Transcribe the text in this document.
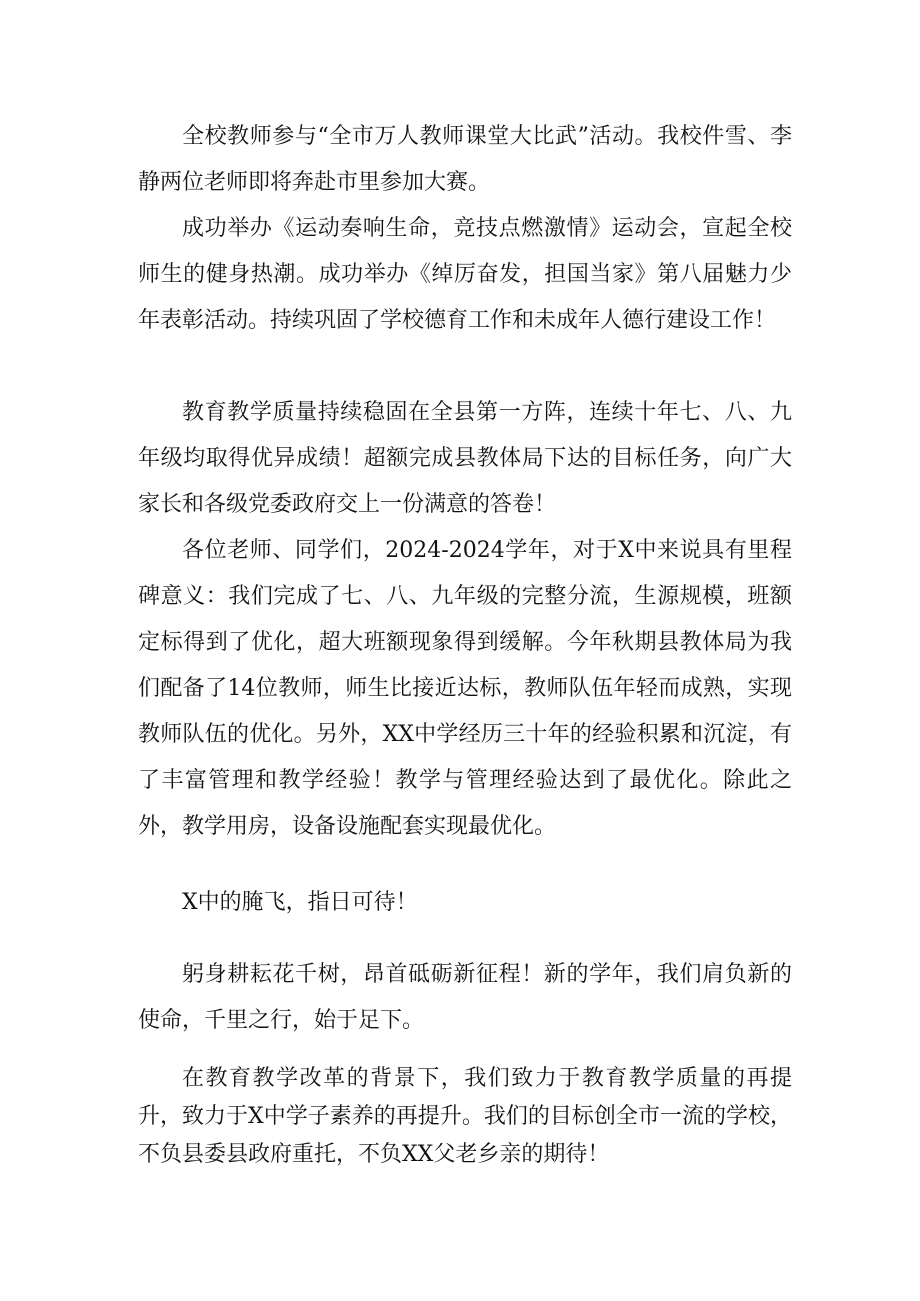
全校教师参与“全市万人教师课堂大比武”活动。我校件雪、李静两位老师即将奔赴市里参加大赛。

成功举办《运动奏响生命，竞技点燃激情》运动会，宣起全校师生的健身热潮。成功举办《绰厉奋发，担国当家》第八届魅力少年表彰活动。持续巩固了学校德育工作和未成年人德行建设工作！

教育教学质量持续稳固在全县第一方阵，连续十年七、八、九年级均取得优异成绩！超额完成县教体局下达的目标任务，向广大家长和各级党委政府交上一份满意的答卷！

各位老师、同学们，2024-2024学年，对于X中来说具有里程碑意义：我们完成了七、八、九年级的完整分流，生源规模，班额定标得到了优化，超大班额现象得到缓解。今年秋期县教体局为我们配备了14位教师，师生比接近达标，教师队伍年轻而成熟，实现教师队伍的优化。另外，XX中学经历三十年的经验积累和沉淀，有了丰富管理和教学经验！教学与管理经验达到了最优化。除此之外，教学用房，设备设施配套实现最优化。

X中的腌飞，指日可待！

躬身耕耘花千树，昂首砥砺新征程！新的学年，我们肩负新的使命，千里之行，始于足下。

在教育教学改革的背景下，我们致力于教育教学质量的再提升，致力于X中学子素养的再提升。我们的目标创全市一流的学校，不负县委县政府重托，不负XX父老乡亲的期待！
